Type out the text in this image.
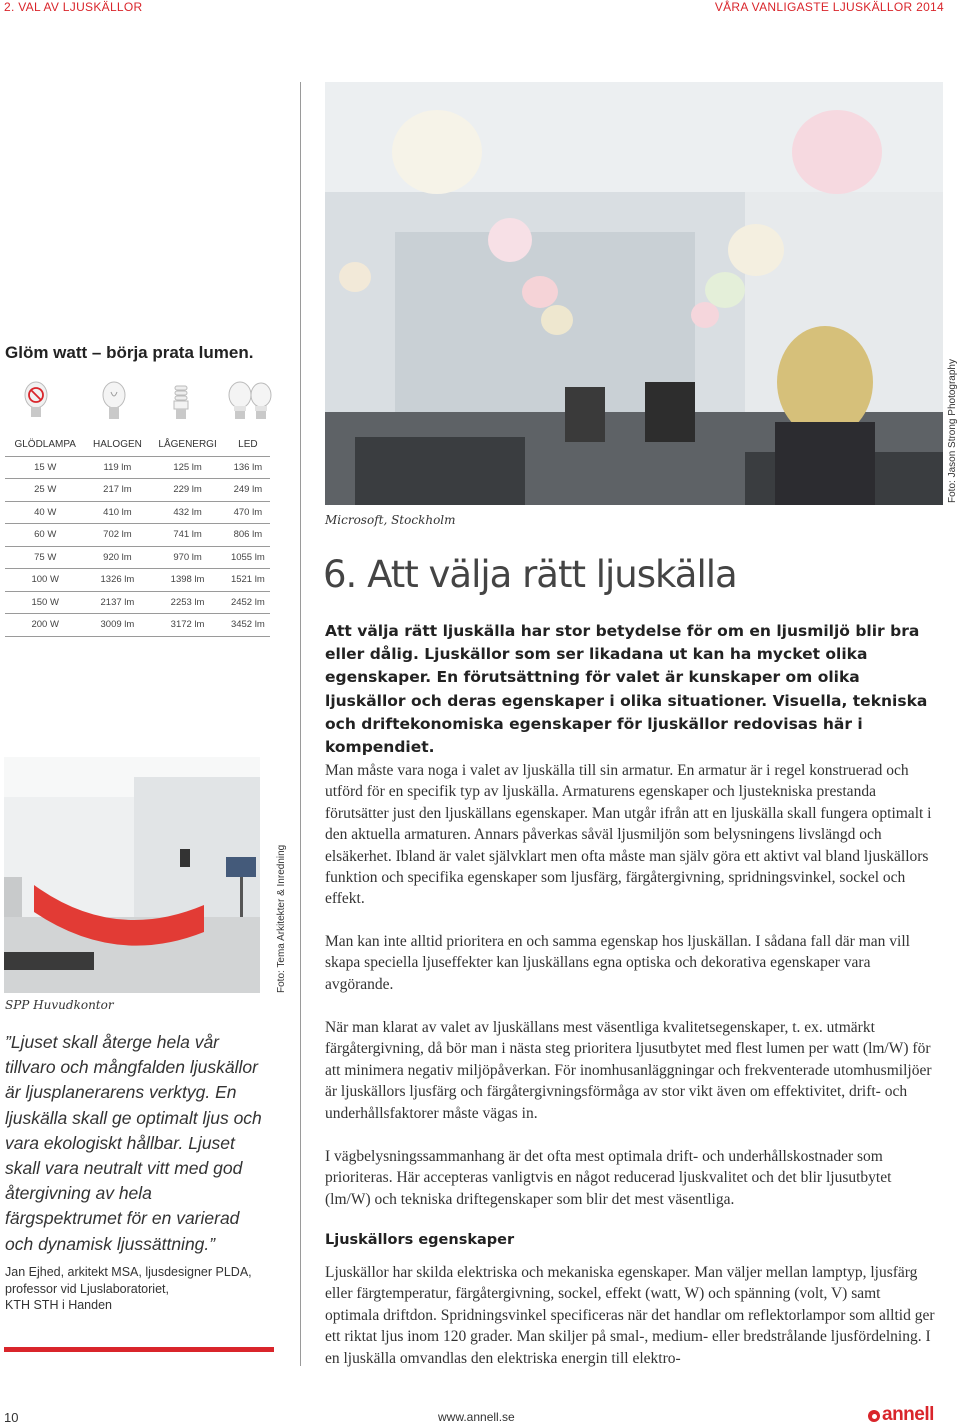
2. VAL AV LJUSKÄLLOR	VÅRA VANLIGASTE LJUSKÄLLOR 2014
Glöm watt – börja prata lumen.
GLÖDLAMPA	HALOGEN	LÅGENERGI	LED
15 W	119 lm	125 lm	136 lm
25 W	217 lm	229 lm	249 lm
40 W	410 lm	432 lm	470 lm
60 W	702 lm	741 lm	806 lm
75 W	920 lm	970 lm	1055 lm
100 W	1326 lm	1398 lm	1521 lm
150 W	2137 lm	2253 lm	2452 lm
200 W	3009 lm	3172 lm	3452 lm
Foto: Tema Arkitekter & Inredning
SPP Huvudkontor
”Ljuset skall återge hela vår tillvaro och mångfalden ljuskällor är ljusplanerarens verktyg. En ljuskälla skall ge optimalt ljus och vara ekologiskt hållbar. Ljuset skall vara neutralt vitt med god återgivning av hela färgspektrumet för en varierad och dynamisk ljussättning.”
Jan Ejhed, arkitekt MSA, ljusdesigner PLDA,
professor vid Ljuslaboratoriet,
KTH STH i Handen
Foto: Jason Strong Photography
Microsoft, Stockholm
6. Att välja rätt ljuskälla
Att välja rätt ljuskälla har stor betydelse för om en ljusmiljö blir bra eller dålig. Ljuskällor som ser likadana ut kan ha mycket olika egenskaper. En förutsättning för valet är kunskaper om olika ljuskällor och deras egenskaper i olika situationer. Visuella, tekniska och driftekonomiska egenskaper för ljuskällor redovisas här i kompendiet.
Man måste vara noga i valet av ljuskälla till sin armatur. En armatur är i regel konstruerad och utförd för en specifik typ av ljuskälla. Armaturens egenskaper och ljustekniska prestanda förutsätter just den ljuskällans egenskaper. Man utgår ifrån att en ljuskälla skall fungera optimalt i den aktuella armaturen. Annars påverkas såväl ljusmiljön som belysningens livslängd och elsäkerhet. Ibland är valet självklart men ofta måste man själv göra ett aktivt val bland ljuskällors funktion och specifika egenskaper som ljusfärg, färgåtergivning, spridningsvinkel, sockel och effekt.
Man kan inte alltid prioritera en och samma egenskap hos ljuskällan. I sådana fall där man vill skapa speciella ljuseffekter kan ljuskällans egna optiska och dekorativa egenskaper vara avgörande.
När man klarat av valet av ljuskällans mest väsentliga kvalitetsegenskaper, t. ex. utmärkt färgåtergivning, då bör man i nästa steg prioritera ljusutbytet med flest lumen per watt (lm/W) för att minimera negativ miljöpåverkan. För inomhusanläggningar och frekventerade utomhusmiljöer är ljuskällors ljusfärg och färgåtergivningsförmåga av stor vikt även om effektivitet, drift- och underhållsfaktorer måste vägas in.
I vägbelysningssammanhang är det ofta mest optimala drift- och underhållskostnader som prioriteras. Här accepteras vanligtvis en något reducerad ljuskvalitet och det blir ljusutbytet (lm/W) och tekniska driftegenskaper som blir det mest väsentliga.
Ljuskällors egenskaper
Ljuskällor har skilda elektriska och mekaniska egenskaper. Man väljer mellan lamptyp, ljusfärg eller färgtemperatur, färgåtergivning, sockel, effekt (watt, W) och spänning (volt, V) samt optimala driftdon. Spridningsvinkel specificeras när det handlar om reflektorlampor som alltid ger ett riktat ljus inom 120 grader. Man skiljer på smal-, medium- eller bredstrålande ljusfördelning. I en ljuskälla omvandlas den elektriska energin till elektro-
10	www.annell.se	annell
